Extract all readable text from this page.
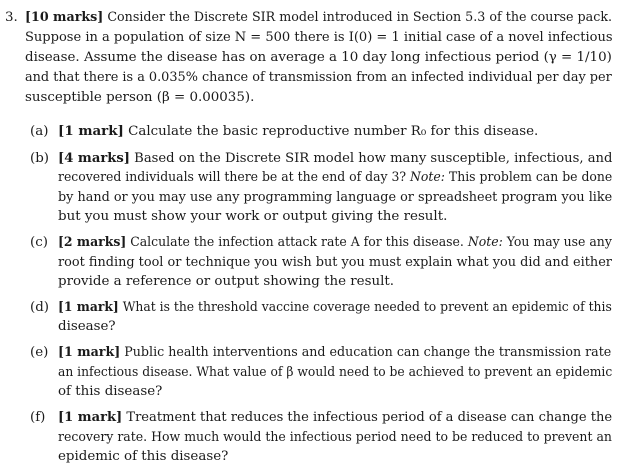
3. [10 marks] Consider the Discrete SIR model introduced in Section 5.3 of the course pack.
Suppose in a population of size N = 500 there is I(0) = 1 initial case of a novel infectious
disease. Assume the disease has on average a 10 day long infectious period (γ = 1/10)
and that there is a 0.035% chance of transmission from an infected individual per day per
susceptible person (β = 0.00035).
(a) [1 mark] Calculate the basic reproductive number R₀ for this disease.
(b) [4 marks] Based on the Discrete SIR model how many susceptible, infectious, and
recovered individuals will there be at the end of day 3? Note: This problem can be done
by hand or you may use any programming language or spreadsheet program you like
but you must show your work or output giving the result.
(c) [2 marks] Calculate the infection attack rate A for this disease. Note: You may use any
root finding tool or technique you wish but you must explain what you did and either
provide a reference or output showing the result.
(d) [1 mark] What is the threshold vaccine coverage needed to prevent an epidemic of this
disease?
(e) [1 mark] Public health interventions and education can change the transmission rate
an infectious disease. What value of β would need to be achieved to prevent an epidemic
of this disease?
(f) [1 mark] Treatment that reduces the infectious period of a disease can change the
recovery rate. How much would the infectious period need to be reduced to prevent an
epidemic of this disease?
